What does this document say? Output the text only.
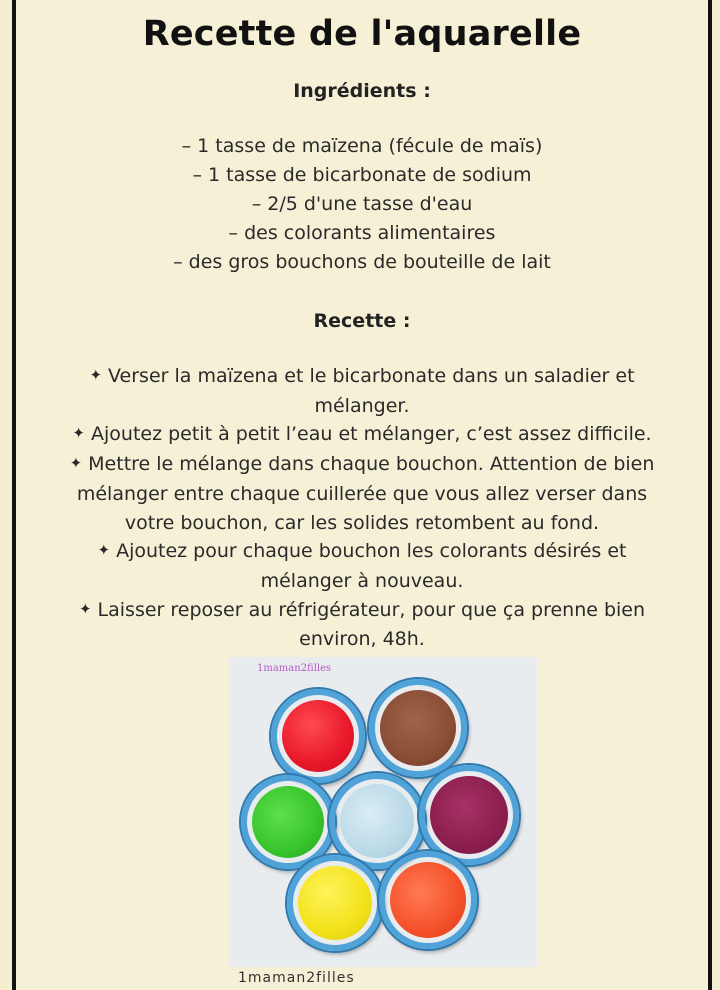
Recette de l'aquarelle
Ingrédients :
– 1 tasse de maïzena (fécule de maïs)
– 1 tasse de bicarbonate de sodium
– 2/5 d'une tasse d'eau
– des colorants alimentaires
– des gros bouchons de bouteille de lait
Recette :
✦ Verser la maïzena et le bicarbonate dans un saladier et mélanger.
✦ Ajoutez petit à petit l’eau et mélanger, c’est assez difficile.
✦ Mettre le mélange dans chaque bouchon. Attention de bien mélanger entre chaque cuillerée que vous allez verser dans votre bouchon, car les solides retombent au fond.
✦ Ajoutez pour chaque bouchon les colorants désirés et mélanger à nouveau.
✦ Laisser reposer au réfrigérateur, pour que ça prenne bien environ, 48h.
1maman2filles
1maman2filles
